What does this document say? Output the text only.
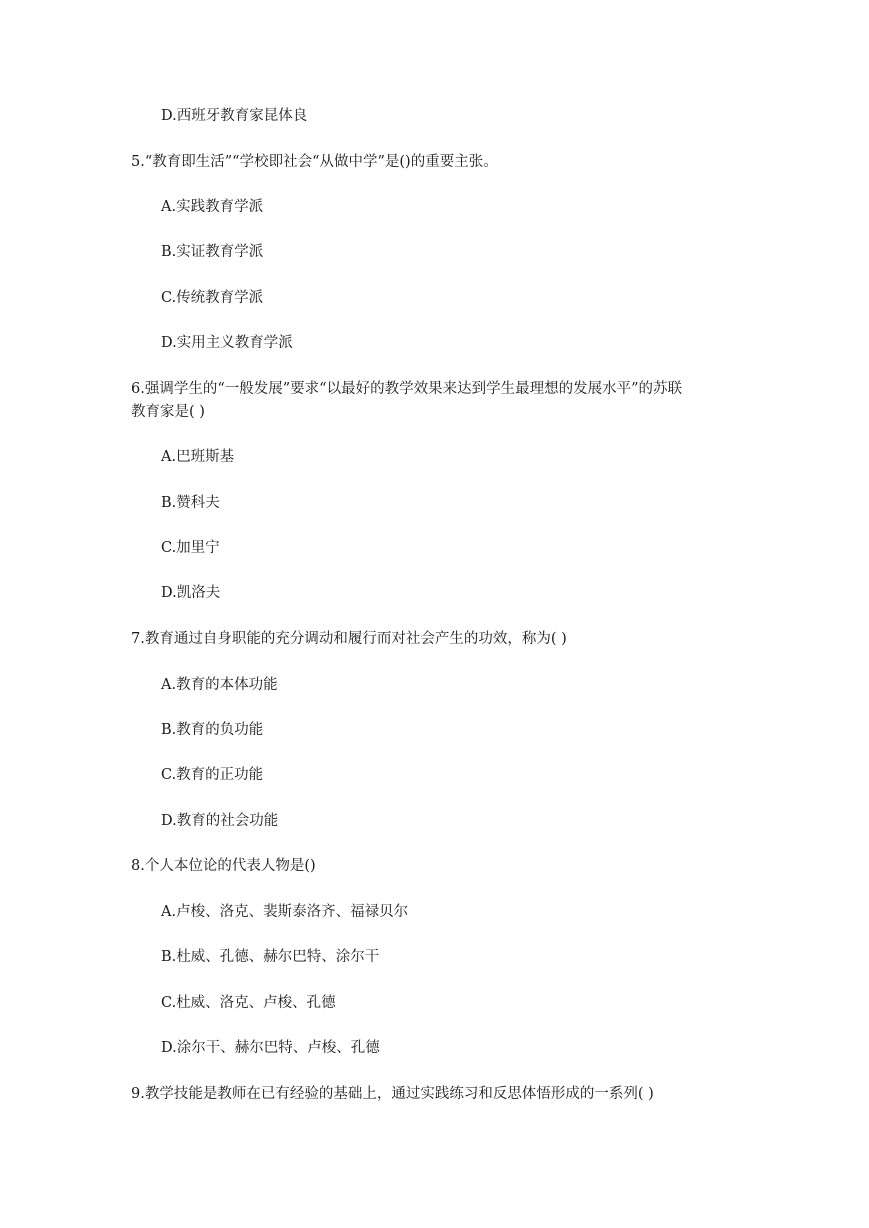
D.西班牙教育家昆体良
5.“教育即生活”“学校即社会“从做中学”是()的重要主张。
A.实践教育学派
B.实证教育学派
C.传统教育学派
D.实用主义教育学派
6.强调学生的“一般发展”要求“以最好的教学效果来达到学生最理想的发展水平”的苏联
教育家是( )
A.巴班斯基
B.赞科夫
C.加里宁
D.凯洛夫
7.教育通过自身职能的充分调动和履行而对社会产生的功效，称为( )
A.教育的本体功能
B.教育的负功能
C.教育的正功能
D.教育的社会功能
8.个人本位论的代表人物是()
A.卢梭、洛克、裴斯泰洛齐、福禄贝尔
B.杜威、孔德、赫尔巴特、涂尔干
C.杜威、洛克、卢梭、孔德
D.涂尔干、赫尔巴特、卢梭、孔德
9.教学技能是教师在已有经验的基础上，通过实践练习和反思体悟形成的一系列( )
